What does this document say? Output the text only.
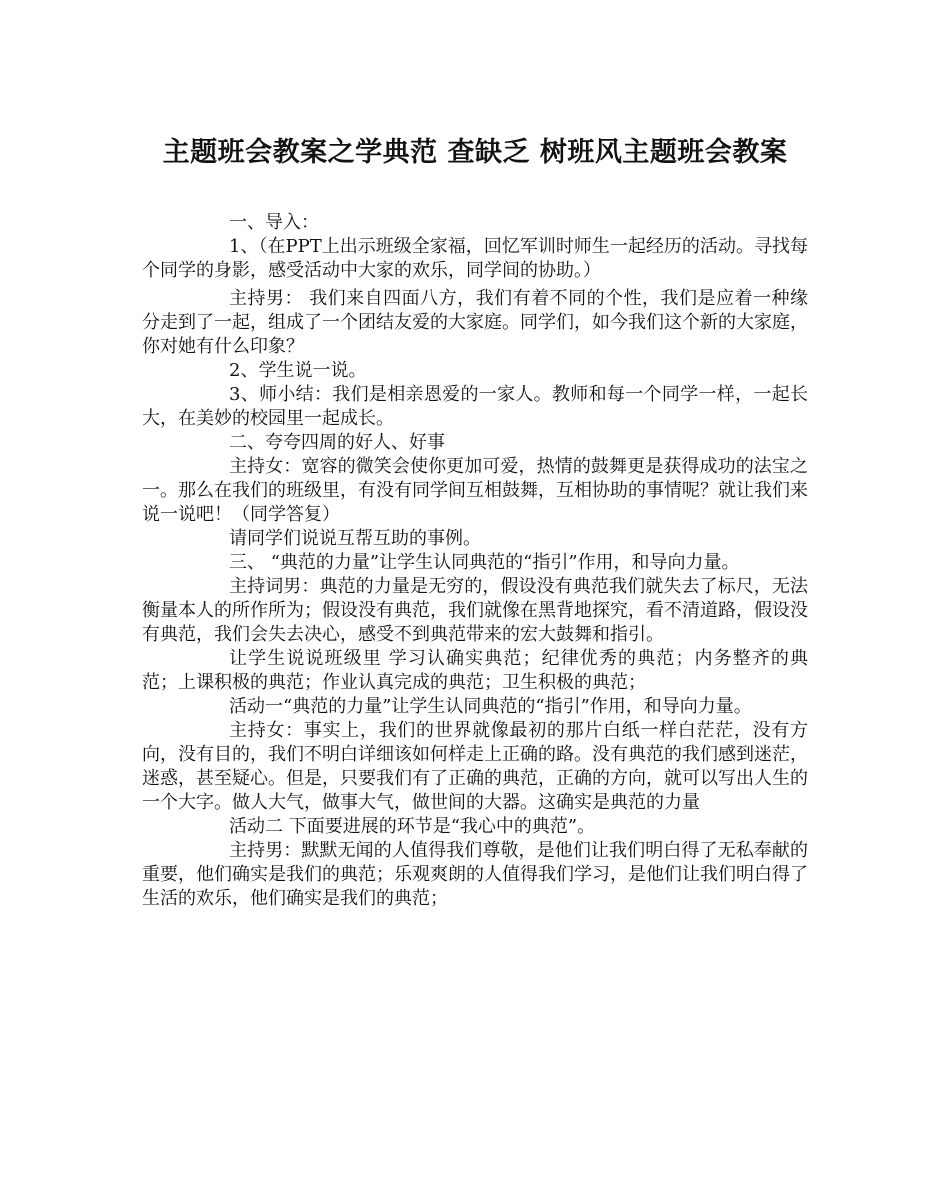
主题班会教案之学典范 查缺乏 树班风主题班会教案

一、导入：

1、（在PPT上出示班级全家福，回忆军训时师生一起经历的活动。寻找每个同学的身影，感受活动中大家的欢乐，同学间的协助。）

主持男： 我们来自四面八方，我们有着不同的个性，我们是应着一种缘分走到了一起，组成了一个团结友爱的大家庭。同学们，如今我们这个新的大家庭，你对她有什么印象？

2、学生说一说。

3、师小结：我们是相亲恩爱的一家人。教师和每一个同学一样，一起长大，在美妙的校园里一起成长。

二、夸夸四周的好人、好事

主持女：宽容的微笑会使你更加可爱，热情的鼓舞更是获得成功的法宝之一。那么在我们的班级里，有没有同学间互相鼓舞，互相协助的事情呢？就让我们来说一说吧！（同学答复）

请同学们说说互帮互助的事例。

三、 “典范的力量”让学生认同典范的“指引”作用，和导向力量。

主持词男：典范的力量是无穷的，假设没有典范我们就失去了标尺，无法衡量本人的所作所为；假设没有典范，我们就像在黑背地探究，看不清道路，假设没有典范，我们会失去决心，感受不到典范带来的宏大鼓舞和指引。

让学生说说班级里 学习认确实典范；纪律优秀的典范；内务整齐的典范；上课积极的典范；作业认真完成的典范；卫生积极的典范；

活动一“典范的力量”让学生认同典范的“指引”作用，和导向力量。

主持女：事实上，我们的世界就像最初的那片白纸一样白茫茫，没有方向，没有目的，我们不明白详细该如何样走上正确的路。没有典范的我们感到迷茫，迷惑，甚至疑心。但是，只要我们有了正确的典范，正确的方向，就可以写出人生的一个大字。做人大气，做事大气，做世间的大器。这确实是典范的力量

活动二 下面要进展的环节是“我心中的典范”。

主持男：默默无闻的人值得我们尊敬，是他们让我们明白得了无私奉献的重要，他们确实是我们的典范；乐观爽朗的人值得我们学习，是他们让我们明白得了生活的欢乐，他们确实是我们的典范；
